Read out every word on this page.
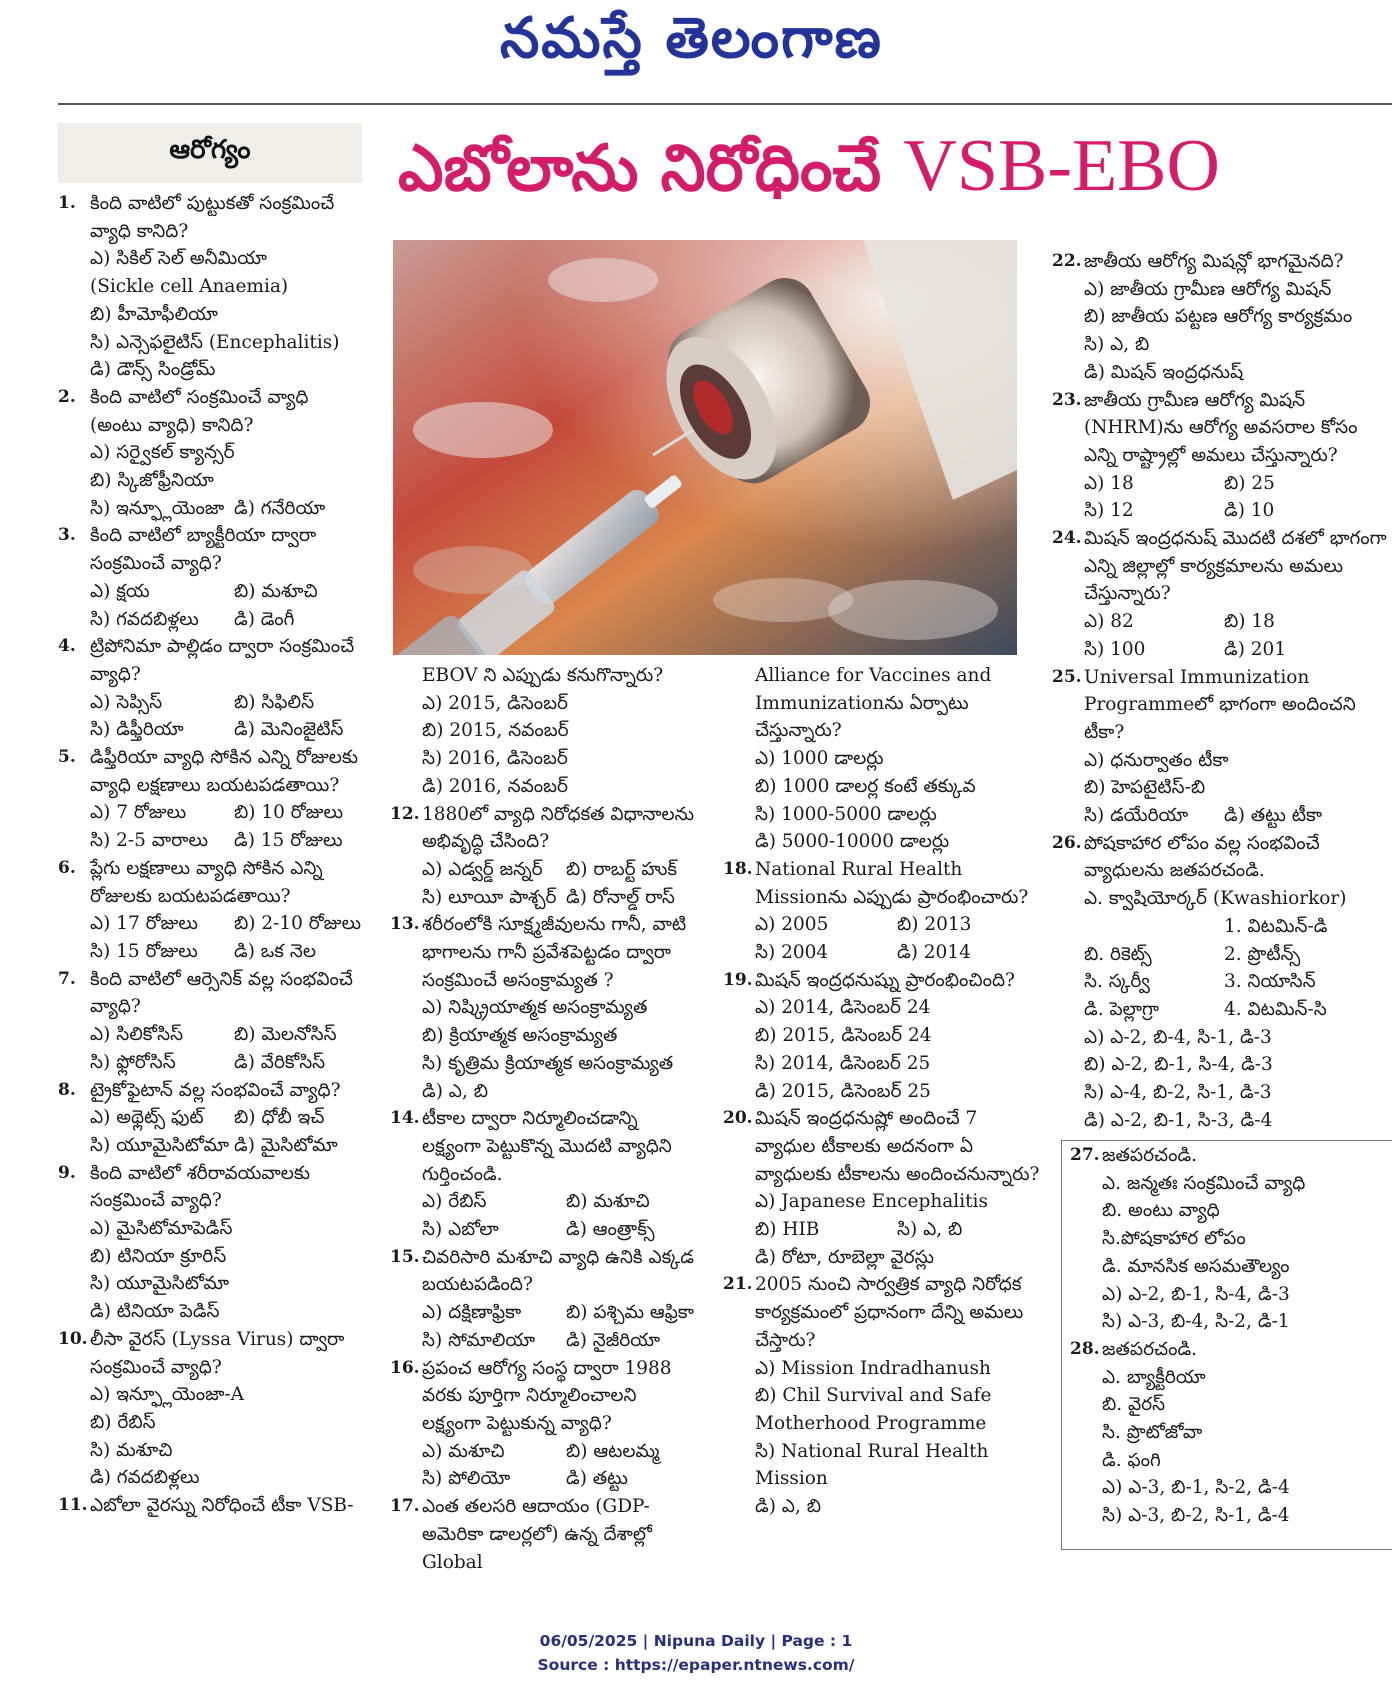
నమస్తే తెలంగాణ
ఆరోగ్యం	ఎబోలాను నిరోధించే VSB-EBO
1. కింది వాటిలో పుట్టుకతో సంక్రమించే వ్యాధి కానిది?
ఎ) సికిల్ సెల్ అనీమియా
(Sickle cell Anaemia)
బి) హీమోఫీలియా
సి) ఎన్సెఫలైటిస్ (Encephalitis)
డి) డౌన్స్ సిండ్రోమ్
2. కింది వాటిలో సంక్రమించే వ్యాధి (అంటు వ్యాధి) కానిది?
ఎ) సర్వైకల్ క్యాన్సర్
బి) స్కిజోఫ్రీనియా
సి) ఇన్ఫ్లూయెంజా డి) గనేరియా
3. కింది వాటిలో బ్యాక్టీరియా ద్వారా సంక్రమించే వ్యాధి?
ఎ) క్షయ	బి) మశూచి
సి) గవదబిళ్లలు	డి) డెంగీ
4. ట్రిపోనిమా పాల్లిడం ద్వారా సంక్రమించే వ్యాధి?
ఎ) సెప్సిస్	బి) సిఫిలిస్
సి) డిఫ్తీరియా	డి) మెనింజైటిస్
5. డిఫ్తీరియా వ్యాధి సోకిన ఎన్ని రోజులకు వ్యాధి లక్షణాలు బయటపడతాయి?
ఎ) 7 రోజులు	బి) 10 రోజులు
సి) 2-5 వారాలు	డి) 15 రోజులు
6. ప్లేగు లక్షణాలు వ్యాధి సోకిన ఎన్ని రోజులకు బయటపడతాయి?
ఎ) 17 రోజులు	బి) 2-10 రోజులు
సి) 15 రోజులు	డి) ఒక నెల
7. కింది వాటిలో ఆర్సెనిక్ వల్ల సంభవించే వ్యాధి?
ఎ) సిలికోసిస్	బి) మెలనోసిస్
సి) ఫ్లోరోసిస్	డి) వేరికోసిస్
8. ట్రైకోఫైటాన్ వల్ల సంభవించే వ్యాధి?
ఎ) అథ్లెట్స్ ఫుట్	బి) ధోబీ ఇచ్
సి) యూమైసిటోమా డి) మైసిటోమా
9. కింది వాటిలో శరీరావయవాలకు సంక్రమించే వ్యాధి?
ఎ) మైసిటోమాపెడిస్
బి) టినియా క్రూరిస్
సి) యూమైసిటోమా
డి) టినియా పెడిస్
10. లీసా వైరస్ (Lyssa Virus) ద్వారా సంక్రమించే వ్యాధి?
ఎ) ఇన్ఫ్లూయెంజా-A
బి) రేబిస్
సి) మశూచి
డి) గవదబిళ్లలు
11. ఎబోలా వైరస్ను నిరోధించే టీకా VSB-
EBOV ని ఎప్పుడు కనుగొన్నారు?
ఎ) 2015, డిసెంబర్
బి) 2015, నవంబర్
సి) 2016, డిసెంబర్
డి) 2016, నవంబర్
12. 1880లో వ్యాధి నిరోధకత విధానాలను అభివృద్ధి చేసింది?
ఎ) ఎడ్వర్డ్ జన్నర్	బి) రాబర్ట్ హుక్
సి) లూయీ పాశ్చర్ డి) రోనాల్డ్ రాస్
13. శరీరంలోకి సూక్ష్మజీవులను గానీ, వాటి భాగాలను గానీ ప్రవేశపెట్టడం ద్వారా సంక్రమించే అసంక్రామ్యత ?
ఎ) నిష్క్రియాత్మక అసంక్రామ్యత
బి) క్రియాత్మక అసంక్రామ్యత
సి) కృత్రిమ క్రియాత్మక అసంక్రామ్యత
డి) ఎ, బి
14. టీకాల ద్వారా నిర్మూలించడాన్ని లక్ష్యంగా పెట్టుకొన్న మొదటి వ్యాధిని గుర్తించండి.
ఎ) రేబిస్	బి) మశూచి
సి) ఎబోలా	డి) ఆంత్రాక్స్
15. చివరిసారి మశూచి వ్యాధి ఉనికి ఎక్కడ బయటపడింది?
ఎ) దక్షిణాఫ్రికా	బి) పశ్చిమ ఆఫ్రికా
సి) సోమాలియా	డి) నైజీరియా
16. ప్రపంచ ఆరోగ్య సంస్థ ద్వారా 1988 వరకు పూర్తిగా నిర్మూలించాలని లక్ష్యంగా పెట్టుకున్న వ్యాధి?
ఎ) మశూచి	బి) ఆటలమ్మ
సి) పోలియో	డి) తట్టు
17. ఎంత తలసరి ఆదాయం (GDP- అమెరికా డాలర్లలో) ఉన్న దేశాల్లో Global
Alliance for Vaccines and
Immunizationను ఏర్పాటు చేస్తున్నారు?
ఎ) 1000 డాలర్లు
బి) 1000 డాలర్ల కంటే తక్కువ
సి) 1000-5000 డాలర్లు
డి) 5000-10000 డాలర్లు
18. National Rural Health Missionను ఎప్పుడు ప్రారంభించారు?
ఎ) 2005	బి) 2013
సి) 2004	డి) 2014
19. మిషన్ ఇంద్రధనుష్ను ప్రారంభించింది?
ఎ) 2014, డిసెంబర్ 24
బి) 2015, డిసెంబర్ 24
సి) 2014, డిసెంబర్ 25
డి) 2015, డిసెంబర్ 25
20. మిషన్ ఇంద్రధనుష్లో అందించే 7 వ్యాధుల టీకాలకు అదనంగా ఏ వ్యాధులకు టీకాలను అందించనున్నారు?
ఎ) Japanese Encephalitis
బి) HIB	సి) ఎ, బి
డి) రోటా, రూబెల్లా వైరస్లు
21. 2005 నుంచి సార్వత్రిక వ్యాధి నిరోధక కార్యక్రమంలో ప్రధానంగా దేన్ని అమలు చేస్తారు?
ఎ) Mission Indradhanush
బి) Chil Survival and Safe
Motherhood Programme
సి) National Rural Health
Mission
డి) ఎ, బి
22. జాతీయ ఆరోగ్య మిషన్లో భాగమైనది?
ఎ) జాతీయ గ్రామీణ ఆరోగ్య మిషన్
బి) జాతీయ పట్టణ ఆరోగ్య కార్యక్రమం
సి) ఎ, బి
డి) మిషన్ ఇంద్రధనుష్
23. జాతీయ గ్రామీణ ఆరోగ్య మిషన్ (NHRM)ను ఆరోగ్య అవసరాల కోసం ఎన్ని రాష్ట్రాల్లో అమలు చేస్తున్నారు?
ఎ) 18	బి) 25
సి) 12	డి) 10
24. మిషన్ ఇంద్రధనుష్ మొదటి దశలో భాగంగా ఎన్ని జిల్లాల్లో కార్యక్రమాలను అమలు చేస్తున్నారు?
ఎ) 82	బి) 18
సి) 100	డి) 201
25. Universal Immunization Programmeలో భాగంగా అందించని టీకా?
ఎ) ధనుర్వాతం టీకా
బి) హెపటైటిస్-బి
సి) డయేరియా	డి) తట్టు టీకా
26. పోషకాహార లోపం వల్ల సంభవించే వ్యాధులను జతపరచండి.
ఎ. క్వాషియోర్కర్ (Kwashiorkor)
1. విటమిన్-డి
బి. రికెట్స్	2. ప్రొటీన్స్
సి. స్కర్వీ	3. నియాసిన్
డి. పెల్లాగ్రా	4. విటమిన్-సి
ఎ) ఎ-2, బి-4, సి-1, డి-3
బి) ఎ-2, బి-1, సి-4, డి-3
సి) ఎ-4, బి-2, సి-1, డి-3
డి) ఎ-2, బి-1, సి-3, డి-4
27. జతపరచండి.
ఎ. జన్మతః సంక్రమించే వ్యాధి
బి. అంటు వ్యాధి
సి.పోషకాహార లోపం
డి. మానసిక అసమతౌల్యం
ఎ) ఎ-2, బి-1, సి-4, డి-3
సి) ఎ-3, బి-4, సి-2, డి-1
28. జతపరచండి.
ఎ. బ్యాక్టీరియా
బి. వైరస్
సి. ప్రొటోజోవా
డి. ఫంగి
ఎ) ఎ-3, బి-1, సి-2, డి-4
సి) ఎ-3, బి-2, సి-1, డి-4
06/05/2025 | Nipuna Daily | Page : 1
Source : https://epaper.ntnews.com/
